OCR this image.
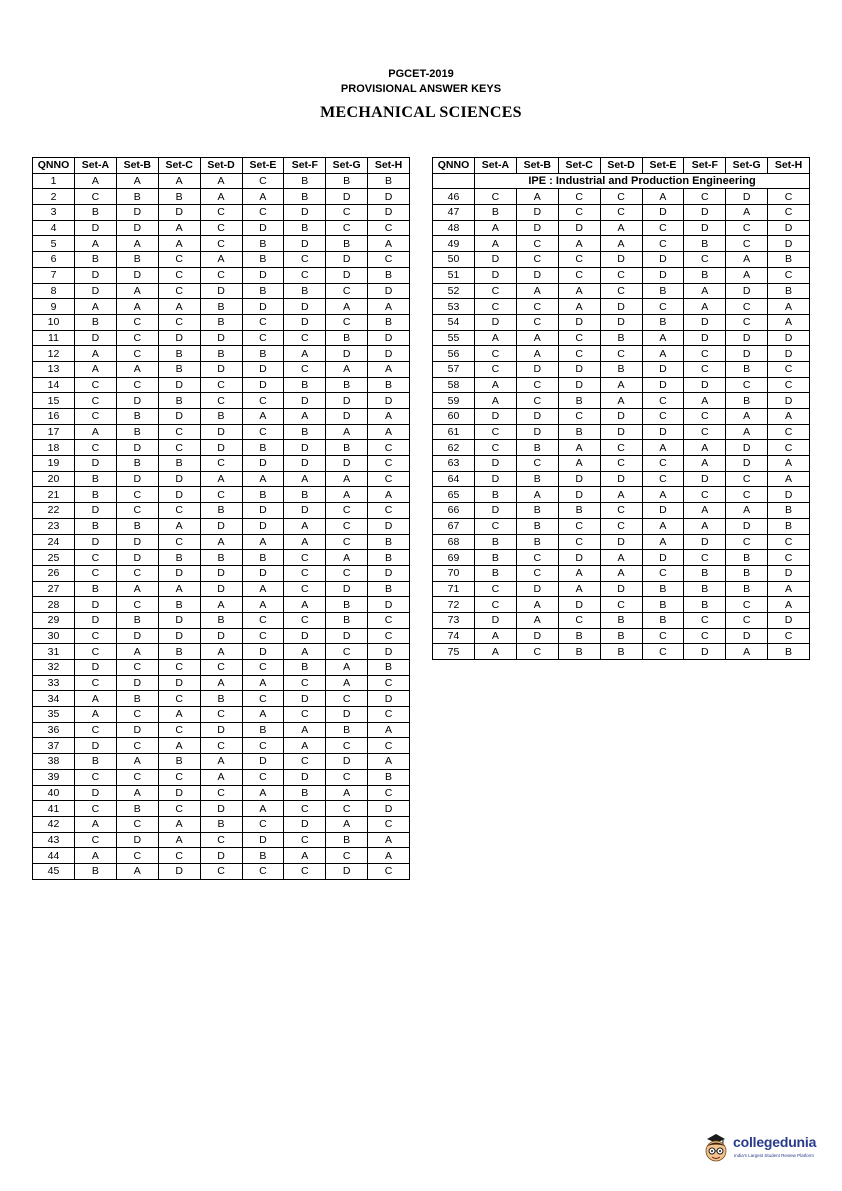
PGCET-2019
PROVISIONAL ANSWER KEYS
MECHANICAL SCIENCES
QNNO	Set-A	Set-B	Set-C	Set-D	Set-E	Set-F	Set-G	Set-H
1	A	A	A	A	C	B	B	B
2	C	B	B	A	A	B	D	D
3	B	D	D	C	C	D	C	D
4	D	D	A	C	D	B	C	C
5	A	A	A	C	B	D	B	A
6	B	B	C	A	B	C	D	C
7	D	D	C	C	D	C	D	B
8	D	A	C	D	B	B	C	D
9	A	A	A	B	D	D	A	A
10	B	C	C	B	C	D	C	B
11	D	C	D	D	C	C	B	D
12	A	C	B	B	B	A	D	D
13	A	A	B	D	D	C	A	A
14	C	C	D	C	D	B	B	B
15	C	D	B	C	C	D	D	D
16	C	B	D	B	A	A	D	A
17	A	B	C	D	C	B	A	A
18	C	D	C	D	B	D	B	C
19	D	B	B	C	D	D	D	C
20	B	D	D	A	A	A	A	C
21	B	C	D	C	B	B	A	A
22	D	C	C	B	D	D	C	C
23	B	B	A	D	D	A	C	D
24	D	D	C	A	A	A	C	B
25	C	D	B	B	B	C	A	B
26	C	C	D	D	D	C	C	D
27	B	A	A	D	A	C	D	B
28	D	C	B	A	A	A	B	D
29	D	B	D	B	C	C	B	C
30	C	D	D	D	C	D	D	C
31	C	A	B	A	D	A	C	D
32	D	C	C	C	C	B	A	B
33	C	D	D	A	A	C	A	C
34	A	B	C	B	C	D	C	D
35	A	C	A	C	A	C	D	C
36	C	D	C	D	B	A	B	A
37	D	C	A	C	C	A	C	C
38	B	A	B	A	D	C	D	A
39	C	C	C	A	C	D	C	B
40	D	A	D	C	A	B	A	C
41	C	B	C	D	A	C	C	D
42	A	C	A	B	C	D	A	C
43	C	D	A	C	D	C	B	A
44	A	C	C	D	B	A	C	A
45	B	A	D	C	C	C	D	C
QNNO	Set-A	Set-B	Set-C	Set-D	Set-E	Set-F	Set-G	Set-H
	IPE : Industrial and Production Engineering							
46	C	A	C	C	A	C	D	C
47	B	D	C	C	D	D	A	C
48	A	D	D	A	C	D	C	D
49	A	C	A	A	C	B	C	D
50	D	C	C	D	D	C	A	B
51	D	D	C	C	D	B	A	C
52	C	A	A	C	B	A	D	B
53	C	C	A	D	C	A	C	A
54	D	C	D	D	B	D	C	A
55	A	A	C	B	A	D	D	D
56	C	A	C	C	A	C	D	D
57	C	D	D	B	D	C	B	C
58	A	C	D	A	D	D	C	C
59	A	C	B	A	C	A	B	D
60	D	D	C	D	C	C	A	A
61	C	D	B	D	D	C	A	C
62	C	B	A	C	A	A	D	C
63	D	C	A	C	C	A	D	A
64	D	B	D	D	C	D	C	A
65	B	A	D	A	A	C	C	D
66	D	B	B	C	D	A	A	B
67	C	B	C	C	A	A	D	B
68	B	B	C	D	A	D	C	C
69	B	C	D	A	D	C	B	C
70	B	C	A	A	C	B	B	D
71	C	D	A	D	B	B	B	A
72	C	A	D	C	B	B	C	A
73	D	A	C	B	B	C	C	D
74	A	D	B	B	C	C	D	C
75	A	C	B	B	C	D	A	B
collegedunia
India's Largest Student Review Platform
